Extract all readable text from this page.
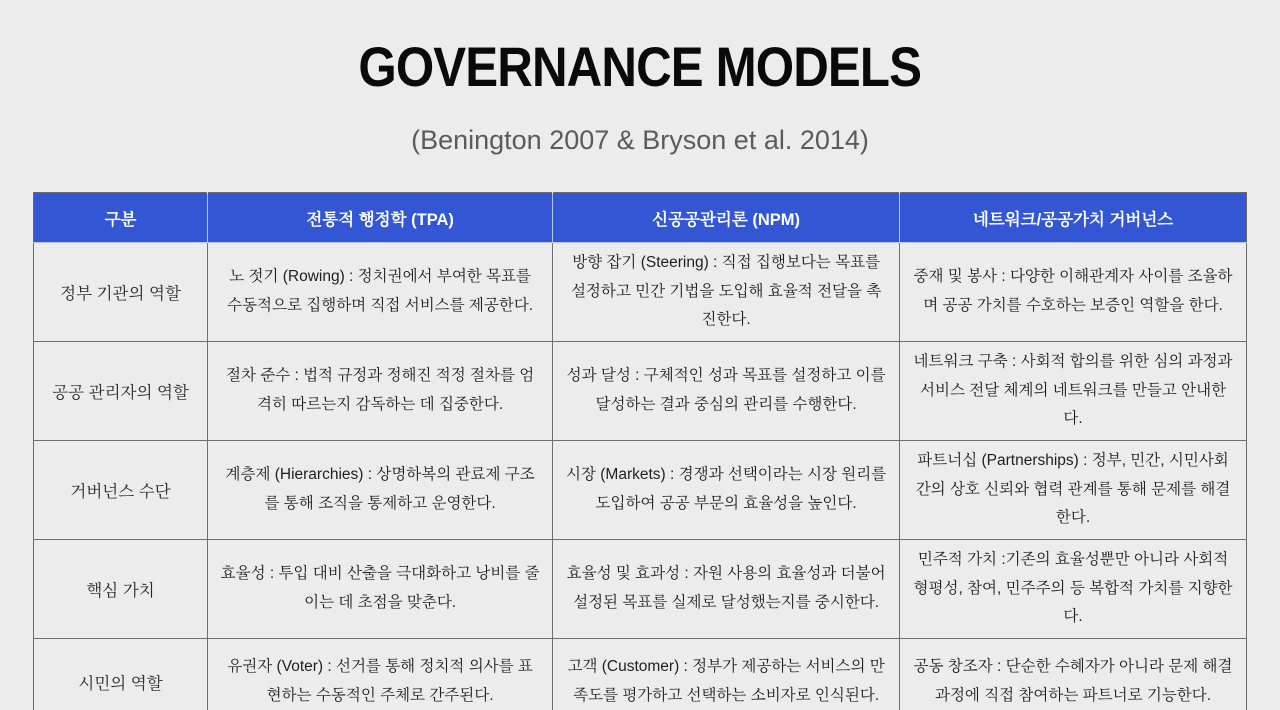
GOVERNANCE MODELS
(Benington 2007 & Bryson et al. 2014)
구분	전통적 행정학 (TPA)	신공공관리론 (NPM)	네트워크/공공가치 거버넌스
정부 기관의 역할	노 젓기 (Rowing) : 정치권에서 부여한 목표를 수동적으로 집행하며 직접 서비스를 제공한다.	방향 잡기 (Steering) : 직접 집행보다는 목표를 설정하고 민간 기법을 도입해 효율적 전달을 촉진한다.	중재 및 봉사 : 다양한 이해관계자 사이를 조율하며 공공 가치를 수호하는 보증인 역할을 한다.
공공 관리자의 역할	절차 준수 : 법적 규정과 정해진 적정 절차를 엄격히 따르는지 감독하는 데 집중한다.	성과 달성 : 구체적인 성과 목표를 설정하고 이를 달성하는 결과 중심의 관리를 수행한다.	네트워크 구축 : 사회적 합의를 위한 심의 과정과 서비스 전달 체계의 네트워크를 만들고 안내한다.
거버넌스 수단	계층제 (Hierarchies) : 상명하복의 관료제 구조를 통해 조직을 통제하고 운영한다.	시장 (Markets) : 경쟁과 선택이라는 시장 원리를 도입하여 공공 부문의 효율성을 높인다.	파트너십 (Partnerships) : 정부, 민간, 시민사회 간의 상호 신뢰와 협력 관계를 통해 문제를 해결한다.
핵심 가치	효율성 : 투입 대비 산출을 극대화하고 낭비를 줄이는 데 초점을 맞춘다.	효율성 및 효과성 : 자원 사용의 효율성과 더불어 설정된 목표를 실제로 달성했는지를 중시한다.	민주적 가치 :기존의 효율성뿐만 아니라 사회적 형평성, 참여, 민주주의 등 복합적 가치를 지향한다.
시민의 역할	유권자 (Voter) : 선거를 통해 정치적 의사를 표현하는 수동적인 주체로 간주된다.	고객 (Customer) : 정부가 제공하는 서비스의 만족도를 평가하고 선택하는 소비자로 인식된다.	공동 창조자 : 단순한 수혜자가 아니라 문제 해결 과정에 직접 참여하는 파트너로 기능한다.
